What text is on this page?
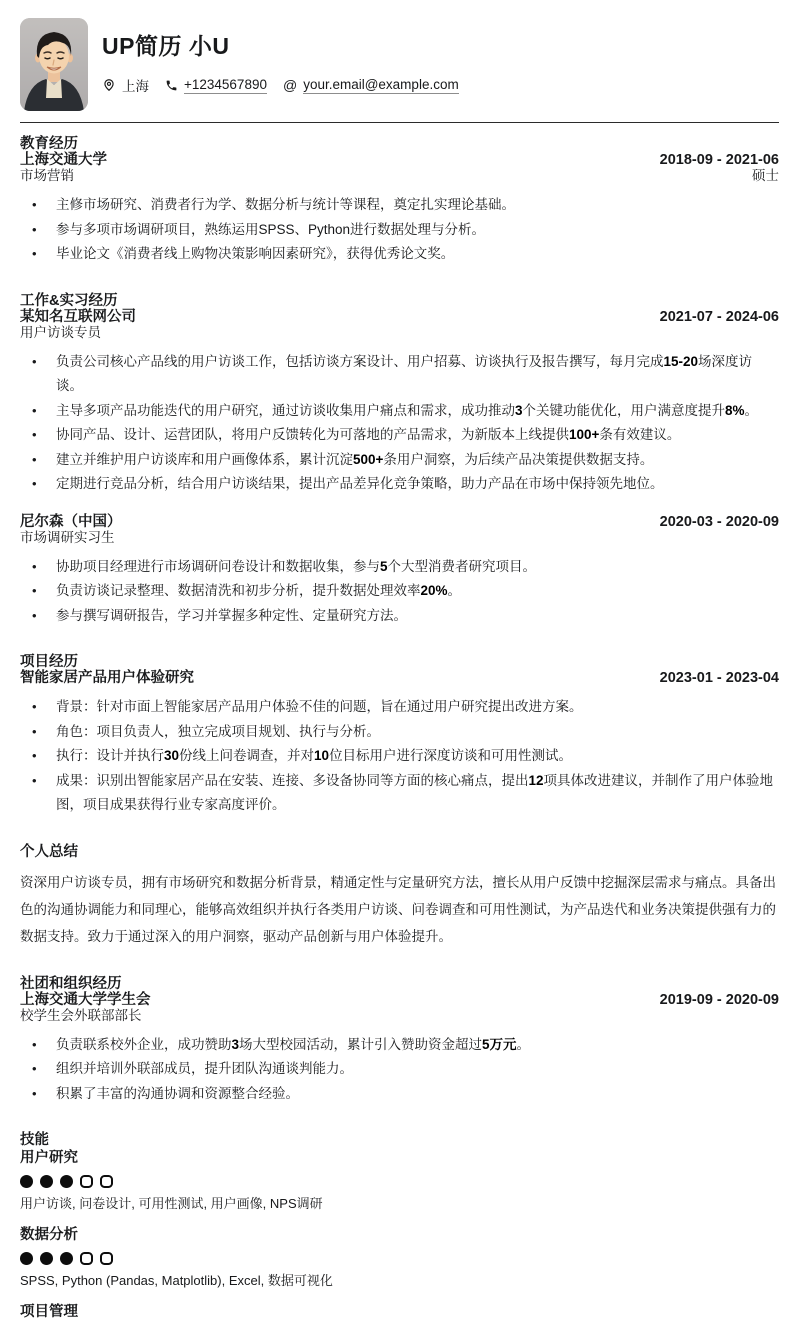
UP简历 小U
上海	+1234567890 @ your.email@example.com
教育经历
上海交通大学	2018-09 - 2021-06
市场营销	硕士
• 主修市场研究、消费者行为学、数据分析与统计等课程，奠定扎实理论基础。
• 参与多项市场调研项目，熟练运用SPSS、Python进行数据处理与分析。
• 毕业论文《消费者线上购物决策影响因素研究》，获得优秀论文奖。
工作&实习经历
某知名互联网公司	2021-07 - 2024-06
用户访谈专员
• 负责公司核心产品线的用户访谈工作，包括访谈方案设计、用户招募、访谈执行及报告撰写，每月完成15-20场深度访谈。
• 主导多项产品功能迭代的用户研究，通过访谈收集用户痛点和需求，成功推动3个关键功能优化，用户满意度提升8%。
• 协同产品、设计、运营团队，将用户反馈转化为可落地的产品需求，为新版本上线提供100+条有效建议。
• 建立并维护用户访谈库和用户画像体系，累计沉淀500+条用户洞察，为后续产品决策提供数据支持。
• 定期进行竞品分析，结合用户访谈结果，提出产品差异化竞争策略，助力产品在市场中保持领先地位。
尼尔森（中国）	2020-03 - 2020-09
市场调研实习生
• 协助项目经理进行市场调研问卷设计和数据收集，参与5个大型消费者研究项目。
• 负责访谈记录整理、数据清洗和初步分析，提升数据处理效率20%。
• 参与撰写调研报告，学习并掌握多种定性、定量研究方法。
项目经历
智能家居产品用户体验研究	2023-01 - 2023-04
• 背景：针对市面上智能家居产品用户体验不佳的问题，旨在通过用户研究提出改进方案。
• 角色：项目负责人，独立完成项目规划、执行与分析。
• 执行：设计并执行30份线上问卷调查，并对10位目标用户进行深度访谈和可用性测试。
• 成果：识别出智能家居产品在安装、连接、多设备协同等方面的核心痛点，提出12项具体改进建议，并制作了用户体验地图，项目成果获得行业专家高度评价。
个人总结

资深用户访谈专员，拥有市场研究和数据分析背景，精通定性与定量研究方法，擅长从用户反馈中挖掘深层需求与痛点。具备出色的沟通协调能力和同理心，能够高效组织并执行各类用户访谈、问卷调查和可用性测试，为产品迭代和业务决策提供强有力的数据支持。致力于通过深入的用户洞察，驱动产品创新与用户体验提升。

社团和组织经历
上海交通大学学生会	2019-09 - 2020-09
校学生会外联部部长
• 负责联系校外企业，成功赞助3场大型校园活动，累计引入赞助资金超过5万元。
• 组织并培训外联部成员，提升团队沟通谈判能力。
• 积累了丰富的沟通协调和资源整合经验。
技能
用户研究
用户访谈, 问卷设计, 可用性测试, 用户画像, NPS调研
数据分析
SPSS, Python (Pandas, Matplotlib), Excel, 数据可视化
项目管理
